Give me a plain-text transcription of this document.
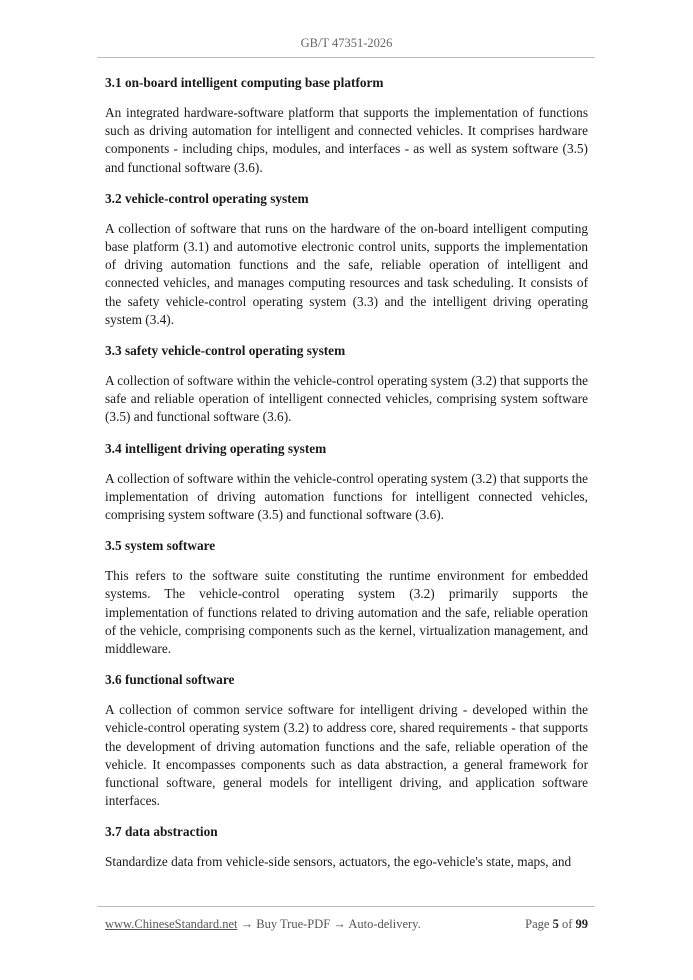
GB/T 47351-2026
3.1 on-board intelligent computing base platform

An integrated hardware-software platform that supports the implementation of functions such as driving automation for intelligent and connected vehicles. It comprises hardware components - including chips, modules, and interfaces - as well as system software (3.5) and functional software (3.6).

3.2 vehicle-control operating system

A collection of software that runs on the hardware of the on-board intelligent computing base platform (3.1) and automotive electronic control units, supports the implementation of driving automation functions and the safe, reliable operation of intelligent and connected vehicles, and manages computing resources and task scheduling. It consists of the safety vehicle-control operating system (3.3) and the intelligent driving operating system (3.4).

3.3 safety vehicle-control operating system

A collection of software within the vehicle-control operating system (3.2) that supports the safe and reliable operation of intelligent connected vehicles, comprising system software (3.5) and functional software (3.6).

3.4 intelligent driving operating system

A collection of software within the vehicle-control operating system (3.2) that supports the implementation of driving automation functions for intelligent connected vehicles, comprising system software (3.5) and functional software (3.6).

3.5 system software

This refers to the software suite constituting the runtime environment for embedded systems. The vehicle-control operating system (3.2) primarily supports the implementation of functions related to driving automation and the safe, reliable operation of the vehicle, comprising components such as the kernel, virtualization management, and middleware.

3.6 functional software

A collection of common service software for intelligent driving - developed within the vehicle-control operating system (3.2) to address core, shared requirements - that supports the development of driving automation functions and the safe, reliable operation of the vehicle. It encompasses components such as data abstraction, a general framework for functional software, general models for intelligent driving, and application software interfaces.

3.7 data abstraction

Standardize data from vehicle-side sensors, actuators, the ego-vehicle's state, maps, and

www.ChineseStandard.net → Buy True-PDF → Auto-delivery.	Page 5 of 99
